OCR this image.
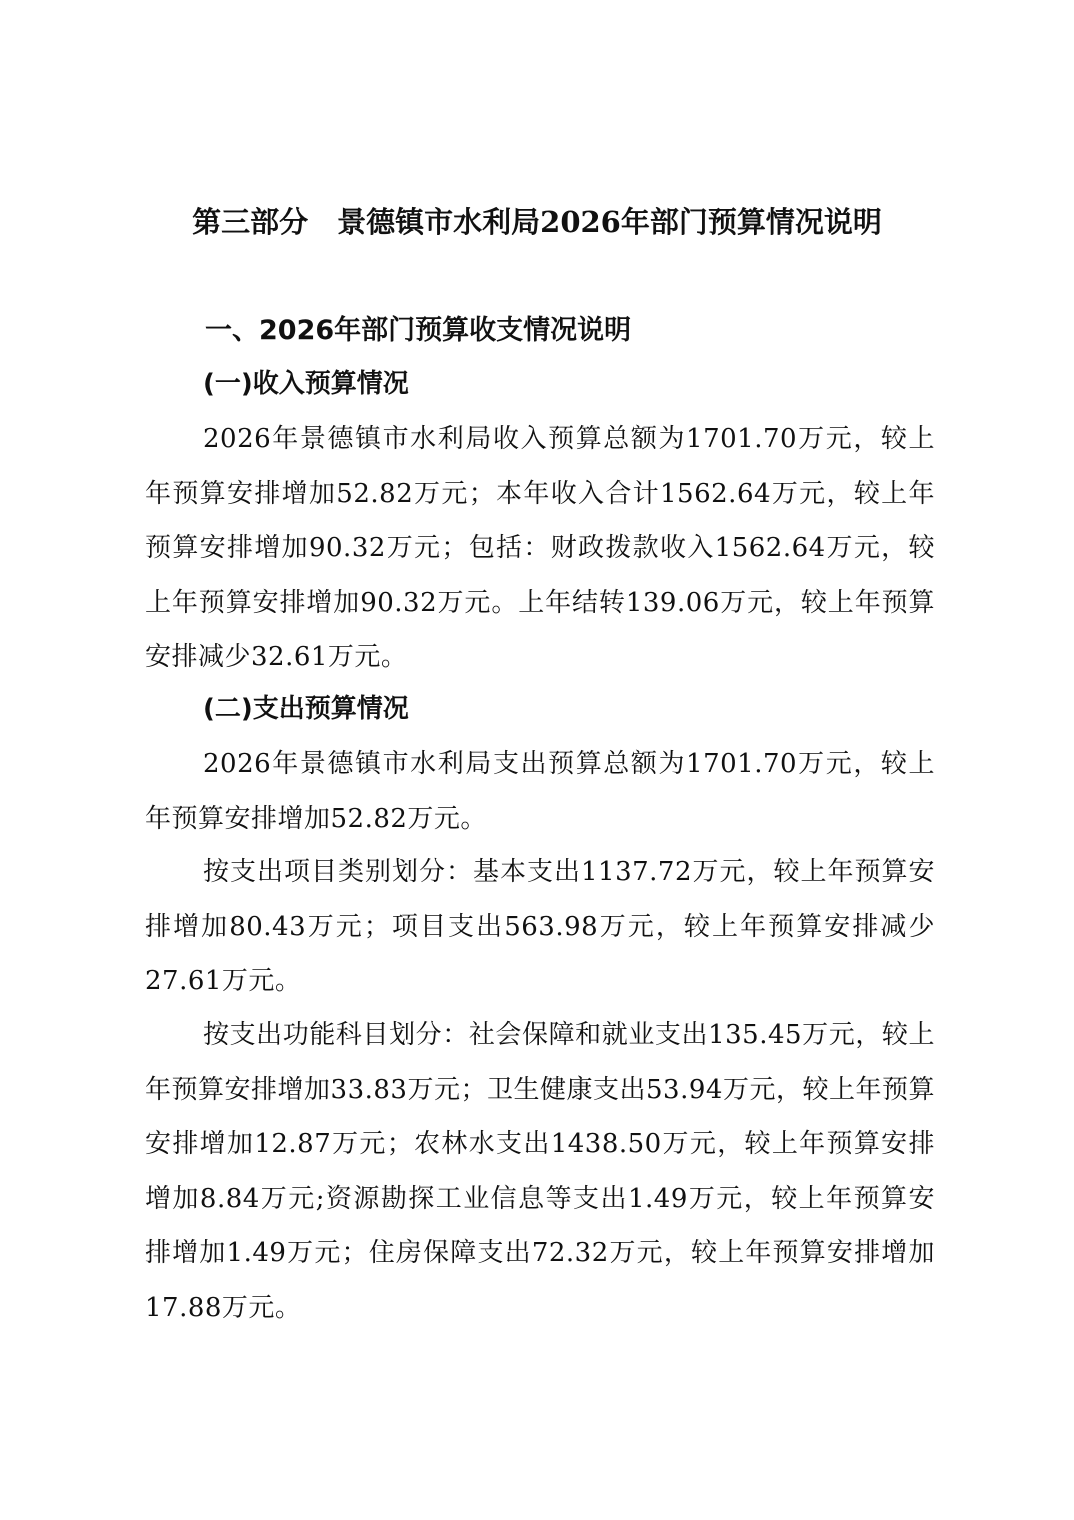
第三部分　景德镇市水利局2026年部门预算情况说明
一、2026年部门预算收支情况说明
(一)收入预算情况

2026年景德镇市水利局收入预算总额为1701.70万元，较上年预算安排增加52.82万元；本年收入合计1562.64万元，较上年预算安排增加90.32万元；包括：财政拨款收入1562.64万元，较上年预算安排增加90.32万元。上年结转139.06万元，较上年预算安排减少32.61万元。

(二)支出预算情况

2026年景德镇市水利局支出预算总额为1701.70万元，较上年预算安排增加52.82万元。

按支出项目类别划分：基本支出1137.72万元，较上年预算安排增加80.43万元；项目支出563.98万元，较上年预算安排减少27.61万元。

按支出功能科目划分：社会保障和就业支出135.45万元，较上年预算安排增加33.83万元；卫生健康支出53.94万元，较上年预算安排增加12.87万元；农林水支出1438.50万元，较上年预算安排增加8.84万元;资源勘探工业信息等支出1.49万元，较上年预算安排增加1.49万元；住房保障支出72.32万元，较上年预算安排增加17.88万元。
